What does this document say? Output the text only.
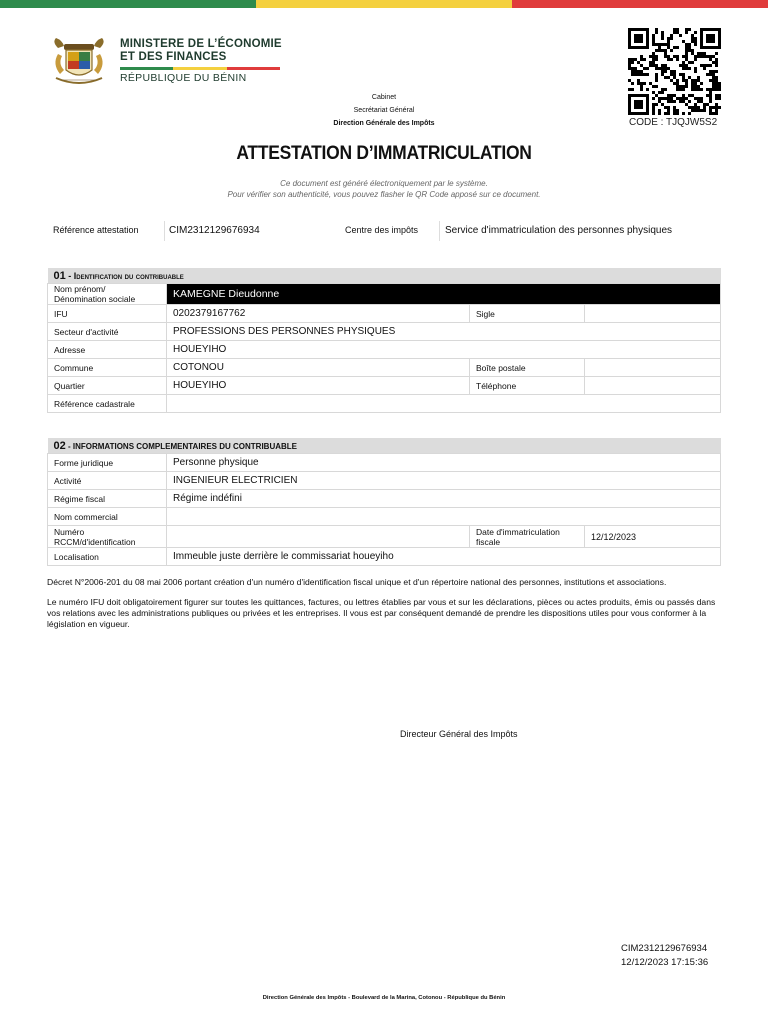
MINISTERE DE L’ÉCONOMIE
ET DES FINANCES
RÉPUBLIQUE DU BÉNIN
CODE : TJQJW5S2
Cabinet
Secrétariat Général
Direction Générale des Impôts
ATTESTATION D’IMMATRICULATION
Ce document est généré électroniquement par le système.
Pour vérifier son authenticité, vous pouvez flasher le QR Code apposé sur ce document.
Référence attestation	CIM2312129676934	Centre des impôts	Service d'immatriculation des personnes physiques
01 - Identification du contribuable			
Nom prénom/ Dénomination sociale	KAMEGNE Dieudonne		
IFU	0202379167762	Sigle	
Secteur d'activité	PROFESSIONS DES PERSONNES PHYSIQUES		
Adresse	HOUEYIHO		
Commune	COTONOU	Boîte postale	
Quartier	HOUEYIHO	Téléphone	
Référence cadastrale			
02 - INFORMATIONS COMPLEMENTAIRES DU CONTRIBUABLE			
Forme juridique	Personne physique		
Activité	INGENIEUR ELECTRICIEN		
Régime fiscal	Régime indéfini		
Nom commercial			
Numéro RCCM/d'identification		Date d'immatriculation fiscale	12/12/2023
Localisation	Immeuble juste derrière le commissariat houeyiho		

Décret N°2006-201 du 08 mai 2006 portant création d'un numéro d'identification fiscal unique et d'un répertoire national des personnes, institutions et associations.

Le numéro IFU doit obligatoirement figurer sur toutes les quittances, factures, ou lettres établies par vous et sur les déclarations, pièces ou actes produits, émis ou passés dans vos relations avec les administrations publiques ou privées et les entreprises. Il vous est par conséquent demandé de prendre les dispositions utiles pour vous conformer à la législation en vigueur.

Directeur Général des Impôts
CIM2312129676934
12/12/2023 17:15:36
Direction Générale des Impôts - Boulevard de la Marina, Cotonou - République du Bénin
